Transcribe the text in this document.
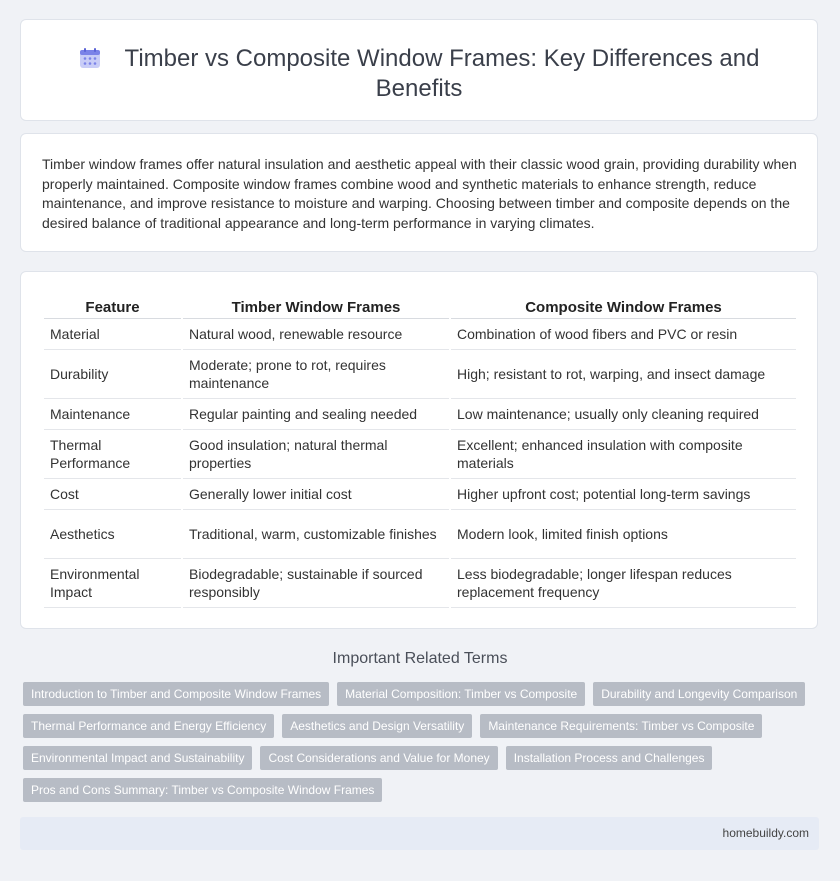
Timber vs Composite Window Frames: Key Differences and
Benefits
Timber window frames offer natural insulation and aesthetic appeal with their classic wood grain, providing durability when properly maintained. Composite window frames combine wood and synthetic materials to enhance strength, reduce maintenance, and improve resistance to moisture and warping. Choosing between timber and composite depends on the desired balance of traditional appearance and long-term performance in varying climates.
Feature	Timber Window Frames	Composite Window Frames
Material	Natural wood, renewable resource	Combination of wood fibers and PVC or resin
Durability	Moderate; prone to rot, requires maintenance	High; resistant to rot, warping, and insect damage
Maintenance	Regular painting and sealing needed	Low maintenance; usually only cleaning required
Thermal Performance	Good insulation; natural thermal properties	Excellent; enhanced insulation with composite materials
Cost	Generally lower initial cost	Higher upfront cost; potential long-term savings
Aesthetics	Traditional, warm, customizable finishes	Modern look, limited finish options
Environmental Impact	Biodegradable; sustainable if sourced responsibly	Less biodegradable; longer lifespan reduces replacement frequency
Important Related Terms
Introduction to Timber and Composite Window Frames	Material Composition: Timber vs Composite	Durability and Longevity Comparison
Thermal Performance and Energy Efficiency	Aesthetics and Design Versatility	Maintenance Requirements: Timber vs Composite
Environmental Impact and Sustainability	Cost Considerations and Value for Money	Installation Process and Challenges
Pros and Cons Summary: Timber vs Composite Window Frames
homebuildy.com
